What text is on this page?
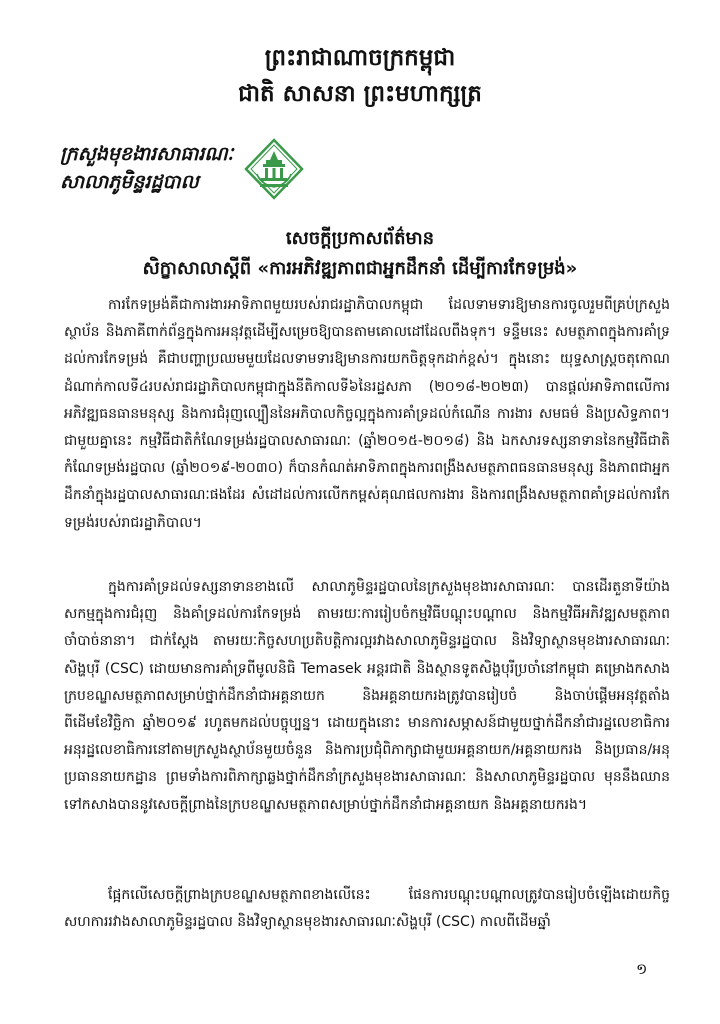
ព្រះរាជាណាចក្រកម្ពុជា
ជាតិ សាសនា ព្រះមហាក្សត្រ
ក្រសួងមុខងារសាធារណៈ
សាលាភូមិន្ទរដ្ឋបាល
សេចក្តីប្រកាសព័ត៌មាន
សិក្ខាសាលាស្តីពី «ការអភិវឌ្ឍភាពជាអ្នកដឹកនាំ ដើម្បីការកែទម្រង់»

ការកែទម្រង់គឺជាការងារអាទិភាពមួយរបស់រាជរដ្ឋាភិបាលកម្ពុជា ដែលទាមទារឱ្យមានការចូលរួមពីគ្រប់ក្រសួង ស្ថាប័ន និងភាគីពាក់ព័ន្ធក្នុងការអនុវត្តដើម្បីសម្រេចឱ្យបានតាមគោលដៅដែលពឹងទុក។ ទន្ទឹមនេះ សមត្ថភាពក្នុងការគាំទ្រដល់ការកែទម្រង់ គឺជាបញ្ហាប្រឈមមួយដែលទាមទារឱ្យមានការយកចិត្តទុកដាក់ខ្ពស់។ ក្នុងនោះ យុទ្ធសាស្ត្រចតុកោណដំណាក់កាលទី៤របស់រាជរដ្ឋាភិបាលកម្ពុជាក្នុងនីតិកាលទី៦នៃរដ្ឋសភា (២០១៨-២០២៣) បានផ្តល់អាទិភាពលើការអភិវឌ្ឍធនធានមនុស្ស និងការជំរុញល្បឿននៃអភិបាលកិច្ចល្អក្នុងការគាំទ្រដល់កំណើន ការងារ សមធម៌ និងប្រសិទ្ធភាព។ ជាមួយគ្នានេះ កម្មវិធីជាតិកំណែទម្រង់រដ្ឋបាលសាធារណៈ (ឆ្នាំ២០១៥-២០១៨) និង ឯកសារទស្សនាទាននៃកម្មវិធីជាតិកំណែទម្រង់រដ្ឋបាល (ឆ្នាំ២០១៩-២០៣០) ក៏បានកំណត់អាទិភាពក្នុងការពង្រឹងសមត្ថភាពធនធានមនុស្ស និងភាពជាអ្នកដឹកនាំក្នុងរដ្ឋបាលសាធារណៈផងដែរ សំដៅដល់ការលើកកម្ពស់គុណផលការងារ និងការពង្រឹងសមត្ថភាពគាំទ្រដល់ការកែទម្រង់របស់រាជរដ្ឋាភិបាល។

ក្នុងការគាំទ្រដល់ទស្សនាទានខាងលើ សាលាភូមិន្ទរដ្ឋបាលនៃក្រសួងមុខងារសាធារណៈ បានដើរតួនាទីយ៉ាងសកម្មក្នុងការជំរុញ និងគាំទ្រដល់ការកែទម្រង់ តាមរយៈការរៀបចំកម្មវិធីបណ្តុះបណ្តាល និងកម្មវិធីអភិវឌ្ឍសមត្ថភាពចាំបាច់នានា។ ជាក់ស្តែង តាមរយៈកិច្ចសហប្រតិបត្តិការល្អរវាងសាលាភូមិន្ទរដ្ឋបាល និងវិទ្យាស្ថានមុខងារសាធារណៈសិង្ហបុរី (CSC) ដោយមានការគាំទ្រពីមូលនិធិ Temasek អន្តរជាតិ និងស្ថានទូតសិង្ហបុរីប្រចាំនៅកម្ពុជា គម្រោងកសាងក្របខណ្ឌសមត្ថភាពសម្រាប់ថ្នាក់ដឹកនាំជាអគ្គនាយក និងអគ្គនាយករងត្រូវបានរៀបចំ និងចាប់ផ្តើមអនុវត្តតាំងពីដើមខែវិច្ឆិកា ឆ្នាំ២០១៩ រហូតមកដល់បច្ចុប្បន្ន។ ដោយក្នុងនោះ មានការសម្ភាសន៍ជាមួយថ្នាក់ដឹកនាំជារដ្ឋលេខាធិការ អនុរដ្ឋលេខាធិការនៅតាមក្រសួងស្ថាប័នមួយចំនួន និងការប្រជុំពិភាក្សាជាមួយអគ្គនាយក/អគ្គនាយករង និងប្រធាន/អនុប្រធាននាយកដ្ឋាន ព្រមទាំងការពិភាក្សាឆ្លងថ្នាក់ដឹកនាំក្រសួងមុខងារសាធារណៈ និងសាលាភូមិន្ទរដ្ឋបាល មុននឹងឈានទៅកសាងបាននូវសេចក្តីព្រាងនៃក្របខណ្ឌសមត្ថភាពសម្រាប់ថ្នាក់ដឹកនាំជាអគ្គនាយក និងអគ្គនាយករង។

ផ្អែកលើសេចក្តីព្រាងក្របខណ្ឌសមត្ថភាពខាងលើនេះ ផែនការបណ្តុះបណ្តាលត្រូវបានរៀបចំឡើងដោយកិច្ចសហការរវាងសាលាភូមិន្ទរដ្ឋបាល និងវិទ្យាស្ថានមុខងារសាធារណៈសិង្ហបុរី (CSC) កាលពីដើមឆ្នាំ

១
